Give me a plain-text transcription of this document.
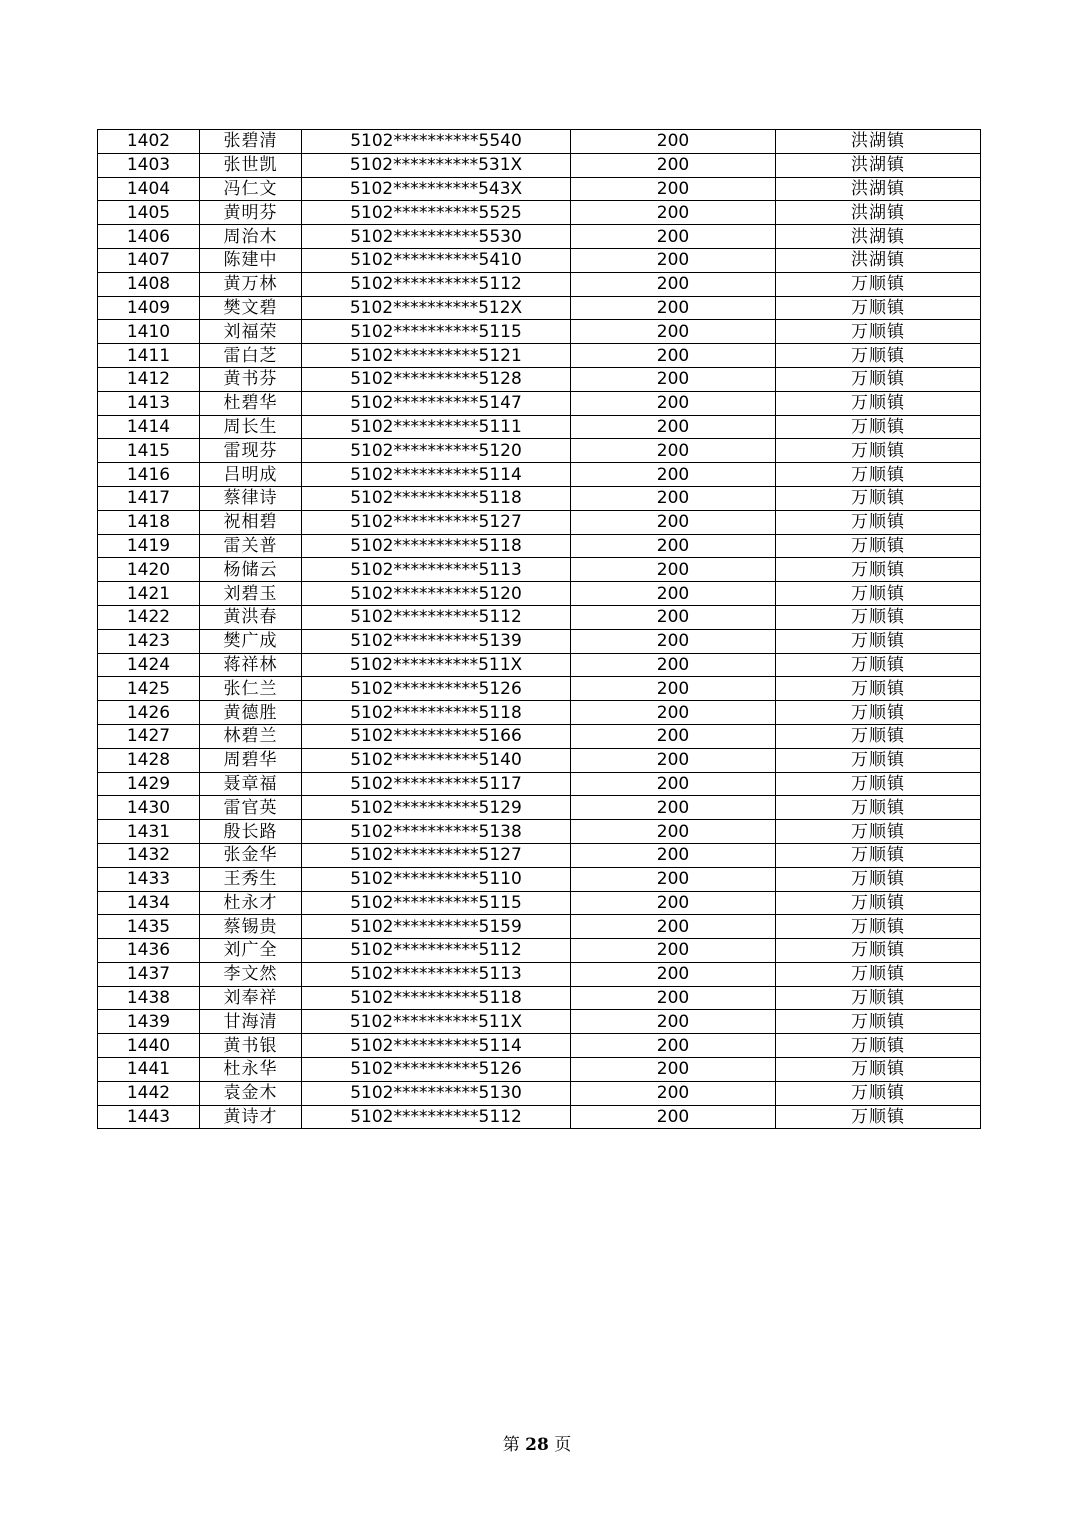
1402	张碧清	5102**********5540	200	洪湖镇
1403	张世凯	5102**********531X	200	洪湖镇
1404	冯仁文	5102**********543X	200	洪湖镇
1405	黄明芬	5102**********5525	200	洪湖镇
1406	周治木	5102**********5530	200	洪湖镇
1407	陈建中	5102**********5410	200	洪湖镇
1408	黄万林	5102**********5112	200	万顺镇
1409	樊文碧	5102**********512X	200	万顺镇
1410	刘福荣	5102**********5115	200	万顺镇
1411	雷白芝	5102**********5121	200	万顺镇
1412	黄书芬	5102**********5128	200	万顺镇
1413	杜碧华	5102**********5147	200	万顺镇
1414	周长生	5102**********5111	200	万顺镇
1415	雷现芬	5102**********5120	200	万顺镇
1416	吕明成	5102**********5114	200	万顺镇
1417	蔡律诗	5102**********5118	200	万顺镇
1418	祝相碧	5102**********5127	200	万顺镇
1419	雷关普	5102**********5118	200	万顺镇
1420	杨储云	5102**********5113	200	万顺镇
1421	刘碧玉	5102**********5120	200	万顺镇
1422	黄洪春	5102**********5112	200	万顺镇
1423	樊广成	5102**********5139	200	万顺镇
1424	蒋祥林	5102**********511X	200	万顺镇
1425	张仁兰	5102**********5126	200	万顺镇
1426	黄德胜	5102**********5118	200	万顺镇
1427	林碧兰	5102**********5166	200	万顺镇
1428	周碧华	5102**********5140	200	万顺镇
1429	聂章福	5102**********5117	200	万顺镇
1430	雷官英	5102**********5129	200	万顺镇
1431	殷长路	5102**********5138	200	万顺镇
1432	张金华	5102**********5127	200	万顺镇
1433	王秀生	5102**********5110	200	万顺镇
1434	杜永才	5102**********5115	200	万顺镇
1435	蔡锡贵	5102**********5159	200	万顺镇
1436	刘广全	5102**********5112	200	万顺镇
1437	李文然	5102**********5113	200	万顺镇
1438	刘奉祥	5102**********5118	200	万顺镇
1439	甘海清	5102**********511X	200	万顺镇
1440	黄书银	5102**********5114	200	万顺镇
1441	杜永华	5102**********5126	200	万顺镇
1442	袁金木	5102**********5130	200	万顺镇
1443	黄诗才	5102**********5112	200	万顺镇
第 28 页
